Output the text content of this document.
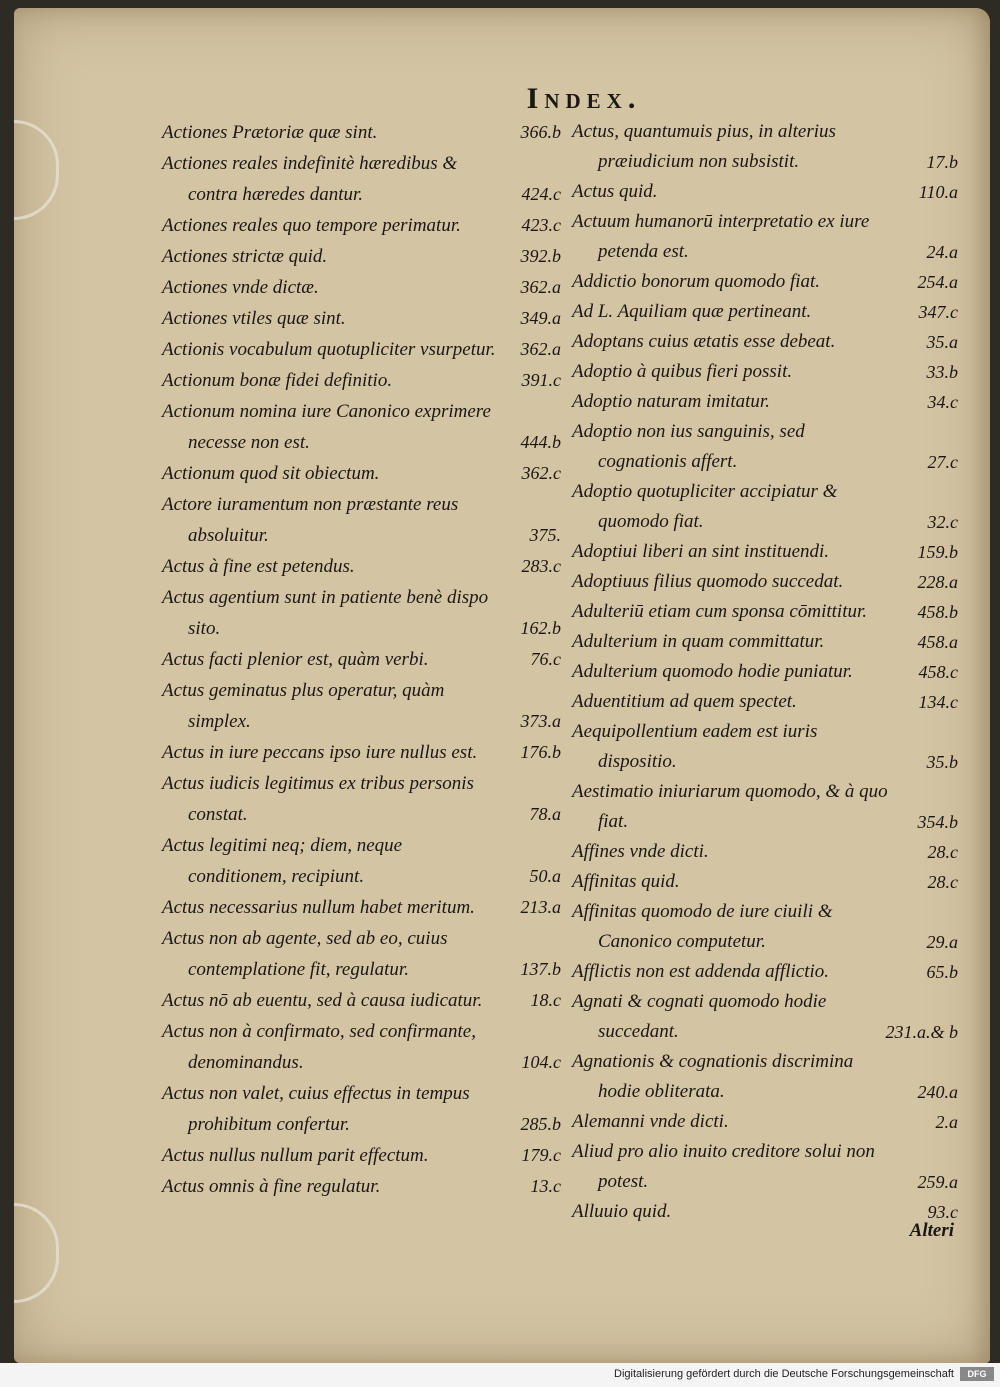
Index.
Actiones Prætoriæ quæ sint.	366.b
Actiones reales indefinitè hæredibus & contra hæredes dantur.	424.c
Actiones reales quo tempore perimatur.	423.c
Actiones strictæ quid.	392.b
Actiones vnde dictæ.	362.a
Actiones vtiles quæ sint.	349.a
Actionis vocabulum quotupliciter vsurpetur.	362.a
Actionum bonæ fidei definitio.	391.c
Actionum nomina iure Canonico exprimere necesse non est.	444.b
Actionum quod sit obiectum.	362.c
Actore iuramentum non præstante reus absoluitur.	375.
Actus à fine est petendus.	283.c
Actus agentium sunt in patiente benè dispo sito.	162.b
Actus facti plenior est, quàm verbi.	76.c
Actus geminatus plus operatur, quàm simplex.	373.a
Actus in iure peccans ipso iure nullus est.	176.b
Actus iudicis legitimus ex tribus personis constat.	78.a
Actus legitimi neq; diem, neque conditionem, recipiunt.	50.a
Actus necessarius nullum habet meritum.	213.a
Actus non ab agente, sed ab eo, cuius contemplatione fit, regulatur.	137.b
Actus nō ab euentu, sed à causa iudicatur.	18.c
Actus non à confirmato, sed confirmante, denominandus.	104.c
Actus non valet, cuius effectus in tempus prohibitum confertur.	285.b
Actus nullus nullum parit effectum.	179.c
Actus omnis à fine regulatur.	13.c
Actus, quantumuis pius, in alterius præiudicium non subsistit.	17.b
Actus quid.	110.a
Actuum humanorū interpretatio ex iure petenda est.	24.a
Addictio bonorum quomodo fiat.	254.a
Ad L. Aquiliam quæ pertineant.	347.c
Adoptans cuius ætatis esse debeat.	35.a
Adoptio à quibus fieri possit.	33.b
Adoptio naturam imitatur.	34.c
Adoptio non ius sanguinis, sed cognationis affert.	27.c
Adoptio quotupliciter accipiatur & quomodo fiat.	32.c
Adoptiui liberi an sint instituendi.	159.b
Adoptiuus filius quomodo succedat.	228.a
Adulteriū etiam cum sponsa cōmittitur.	458.b
Adulterium in quam committatur.	458.a
Adulterium quomodo hodie puniatur.	458.c
Aduentitium ad quem spectet.	134.c
Aequipollentium eadem est iuris dispositio.	35.b
Aestimatio iniuriarum quomodo, & à quo fiat.	354.b
Affines vnde dicti.	28.c
Affinitas quid.	28.c
Affinitas quomodo de iure ciuili & Canonico computetur.	29.a
Afflictis non est addenda afflictio.	65.b
Agnati & cognati quomodo hodie succedant.	231.a.& b
Agnationis & cognationis discrimina hodie obliterata.	240.a
Alemanni vnde dicti.	2.a
Aliud pro alio inuito creditore solui non potest.	259.a
Alluuio quid.	93.c
Alteri
Digitalisierung gefördert durch die Deutsche Forschungsgemeinschaft	DFG
